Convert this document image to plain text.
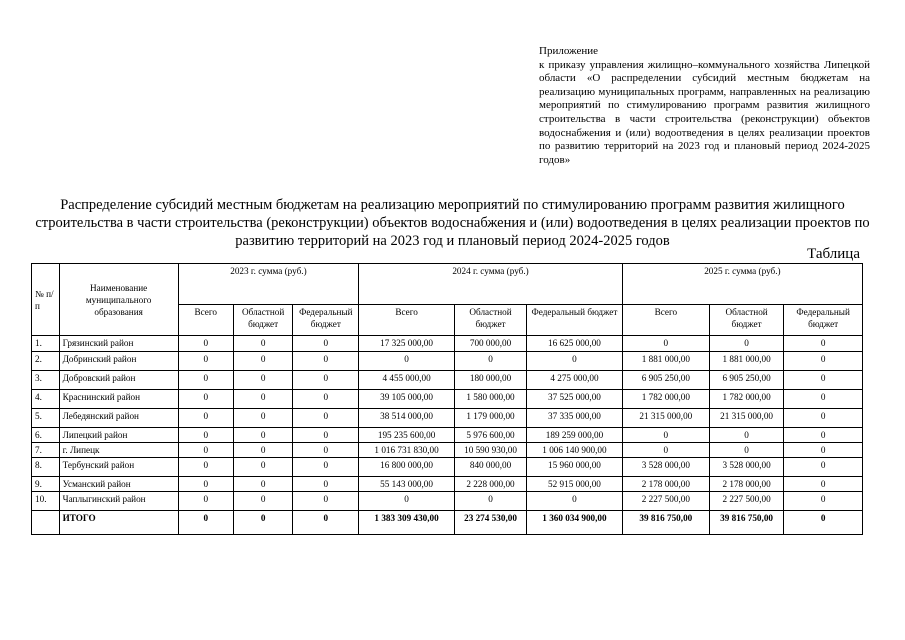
Приложение
к приказу управления жилищно–коммунального хозяйства Липецкой области «О распределении субсидий местным бюджетам на реализацию муниципальных программ, направленных на реализацию мероприятий по стимулированию программ развития жилищного строительства в части строительства (реконструкции) объектов водоснабжения и (или) водоотведения в целях реализации проектов по развитию территорий на 2023 год и плановый период 2024-2025 годов»
Распределение субсидий местным бюджетам на реализацию мероприятий по стимулированию программ развития жилищного строительства в части строительства (реконструкции) объектов водоснабжения и (или) водоотведения в целях реализации проектов по развитию территорий на 2023 год и плановый период 2024-2025 годов
Таблица
№ п/п	Наименование муниципального образования	2023 г. сумма (руб.)			2024 г. сумма (руб.)			2025 г. сумма (руб.)		
		Всего	Областной бюджет	Федеральный бюджет	Всего	Областной бюджет	Федеральный бюджет	Всего	Областной бюджет	Федеральный бюджет
1.	Грязинский район	0	0	0	17 325 000,00	700 000,00	16 625 000,00	0	0	0
2.	Добринский район	0	0	0	0	0	0	1 881 000,00	1 881 000,00	0
3.	Добровский район	0	0	0	4 455 000,00	180 000,00	4 275 000,00	6 905 250,00	6 905 250,00	0
4.	Краснинский район	0	0	0	39 105 000,00	1 580 000,00	37 525 000,00	1 782 000,00	1 782 000,00	0
5.	Лебедянский район	0	0	0	38 514 000,00	1 179 000,00	37 335 000,00	21 315 000,00	21 315 000,00	0
6.	Липецкий район	0	0	0	195 235 600,00	5 976 600,00	189 259 000,00	0	0	0
7.	г. Липецк	0	0	0	1 016 731 830,00	10 590 930,00	1 006 140 900,00	0	0	0
8.	Тербунский район	0	0	0	16 800 000,00	840 000,00	15 960 000,00	3 528 000,00	3 528 000,00	0
9.	Усманский район	0	0	0	55 143 000,00	2 228 000,00	52 915 000,00	2 178 000,00	2 178 000,00	0
10.	Чаплыгинский район	0	0	0	0	0	0	2 227 500,00	2 227 500,00	0
	ИТОГО	0	0	0	1 383 309 430,00	23 274 530,00	1 360 034 900,00	39 816 750,00	39 816 750,00	0
